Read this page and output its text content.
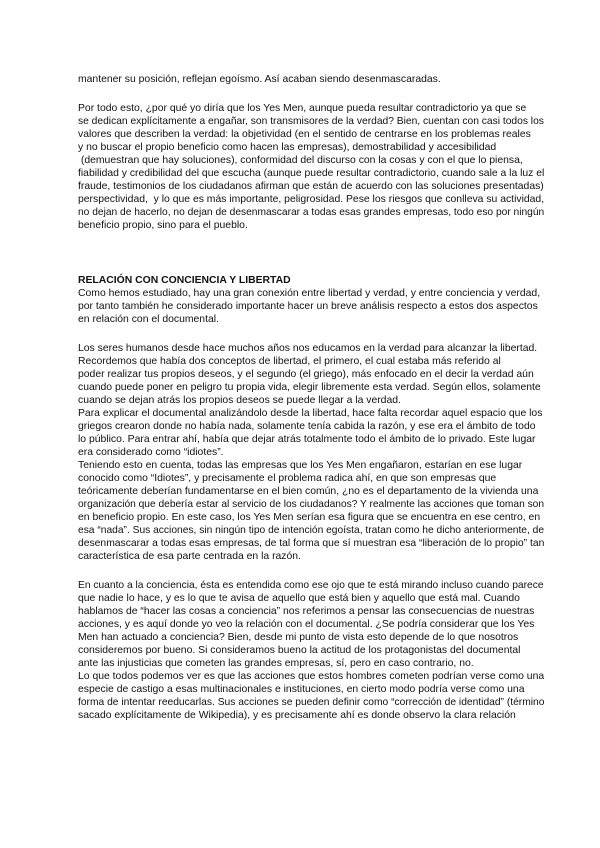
mantener su posición, reflejan egoísmo. Así acaban siendo desenmascaradas.
Por todo esto, ¿por qué yo diría que los Yes Men, aunque pueda resultar contradictorio ya que se
se dedican explícitamente a engañar, son transmisores de la verdad? Bien, cuentan con casi todos los
valores que describen la verdad: la objetividad (en el sentido de centrarse en los problemas reales
y no buscar el propio beneficio como hacen las empresas), demostrabilidad y accesibilidad
(demuestran que hay soluciones), conformidad del discurso con la cosas y con el que lo piensa,
fiabilidad y credibilidad del que escucha (aunque puede resultar contradictorio, cuando sale a la luz el
fraude, testimonios de los ciudadanos afirman que están de acuerdo con las soluciones presentadas)
perspectividad,  y lo que es más importante, peligrosidad. Pese los riesgos que conlleva su actividad,
no dejan de hacerlo, no dejan de desenmascarar a todas esas grandes empresas, todo eso por ningún
beneficio propio, sino para el pueblo.
RELACIÓN CON CONCIENCIA Y LIBERTAD
Como hemos estudiado, hay una gran conexión entre libertad y verdad, y entre conciencia y verdad,
por tanto también he considerado importante hacer un breve análisis respecto a estos dos aspectos
en relación con el documental.
Los seres humanos desde hace muchos años nos educamos en la verdad para alcanzar la libertad.
Recordemos que había dos conceptos de libertad, el primero, el cual estaba más referido al
poder realizar tus propios deseos, y el segundo (el griego), más enfocado en el decir la verdad aún
cuando puede poner en peligro tu propia vida, elegir libremente esta verdad. Según ellos, solamente
cuando se dejan atrás los propios deseos se puede llegar a la verdad.
Para explicar el documental analizándolo desde la libertad, hace falta recordar aquel espacio que los
griegos crearon donde no había nada, solamente tenía cabida la razón, y ese era el ámbito de todo
lo público. Para entrar ahí, había que dejar atrás totalmente todo el ámbito de lo privado. Este lugar
era considerado como “idiotes”.
Teniendo esto en cuenta, todas las empresas que los Yes Men engañaron, estarían en ese lugar
conocido como “Idiotes”, y precisamente el problema radica ahí, en que son empresas que
teóricamente deberían fundamentarse en el bien común, ¿no es el departamento de la vivienda una
organización que debería estar al servicio de los ciudadanos? Y realmente las acciones que toman son
en beneficio propio. En este caso, los Yes Men serían esa figura que se encuentra en ese centro, en
esa “nada”. Sus acciones, sin ningún tipo de intención egoísta, tratan como he dicho anteriormente, de
desenmascarar a todas esas empresas, de tal forma que sí muestran esa “liberación de lo propio” tan
característica de esa parte centrada en la razón.
En cuanto a la conciencia, ésta es entendida como ese ojo que te está mirando incluso cuando parece
que nadie lo hace, y es lo que te avisa de aquello que está bien y aquello que está mal. Cuando
hablamos de “hacer las cosas a conciencia” nos referimos a pensar las consecuencias de nuestras
acciones, y es aquí donde yo veo la relación con el documental. ¿Se podría considerar que los Yes
Men han actuado a conciencia? Bien, desde mi punto de vista esto depende de lo que nosotros
consideremos por bueno. Si consideramos bueno la actitud de los protagonistas del documental
ante las injusticias que cometen las grandes empresas, sí, pero en caso contrario, no.
Lo que todos podemos ver es que las acciones que estos hombres cometen podrían verse como una
especie de castigo a esas multinacionales e instituciones, en cierto modo podría verse como una
forma de intentar reeducarlas. Sus acciones se pueden definir como “corrección de identidad” (término
sacado explícitamente de Wikipedia), y es precisamente ahí es donde observo la clara relación
